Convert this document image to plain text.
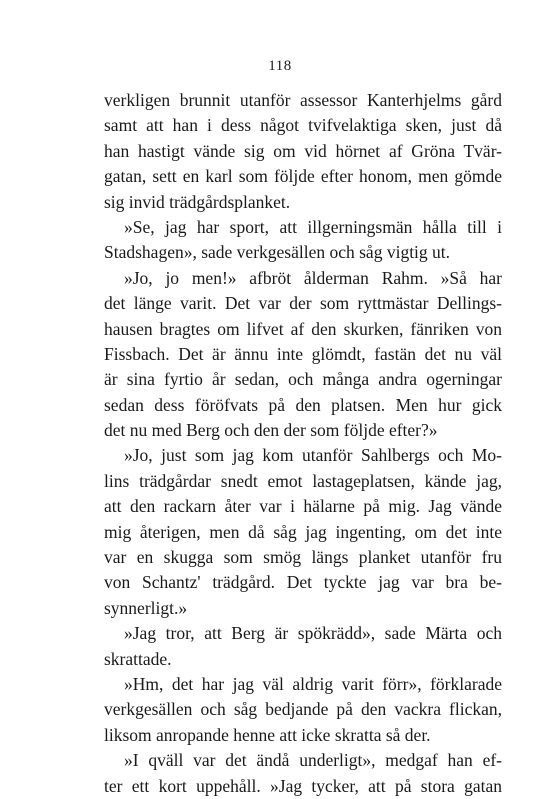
118
verkligen brunnit utanför assessor Kanterhjelms gård
samt att han i dess något tvifvelaktiga sken, just då
han hastigt vände sig om vid hörnet af Gröna Tvär-
gatan, sett en karl som följde efter honom, men gömde
sig invid trädgårdsplanket.
»Se, jag har sport, att illgerningsmän hålla till i
Stadshagen», sade verkgesällen och såg vigtig ut.
»Jo, jo men!» afbröt ålderman Rahm. »Så har
det länge varit. Det var der som ryttmästar Dellings-
hausen bragtes om lifvet af den skurken, fänriken von
Fissbach. Det är ännu inte glömdt, fastän det nu väl
är sina fyrtio år sedan, och många andra ogerningar
sedan dess föröfvats på den platsen. Men hur gick
det nu med Berg och den der som följde efter?»
»Jo, just som jag kom utanför Sahlbergs och Mo-
lins trädgårdar snedt emot lastageplatsen, kände jag,
att den rackarn åter var i hälarne på mig. Jag vände
mig återigen, men då såg jag ingenting, om det inte
var en skugga som smög längs planket utanför fru
von Schantz' trädgård. Det tyckte jag var bra be-
synnerligt.»
»Jag tror, att Berg är spökrädd», sade Märta och
skrattade.
»Hm, det har jag väl aldrig varit förr», förklarade
verkgesällen och såg bedjande på den vackra flickan,
liksom anropande henne att icke skratta så der.
»I qväll var det ändå underligt», medgaf han ef-
ter ett kort uppehåll. »Jag tycker, att på stora gatan
